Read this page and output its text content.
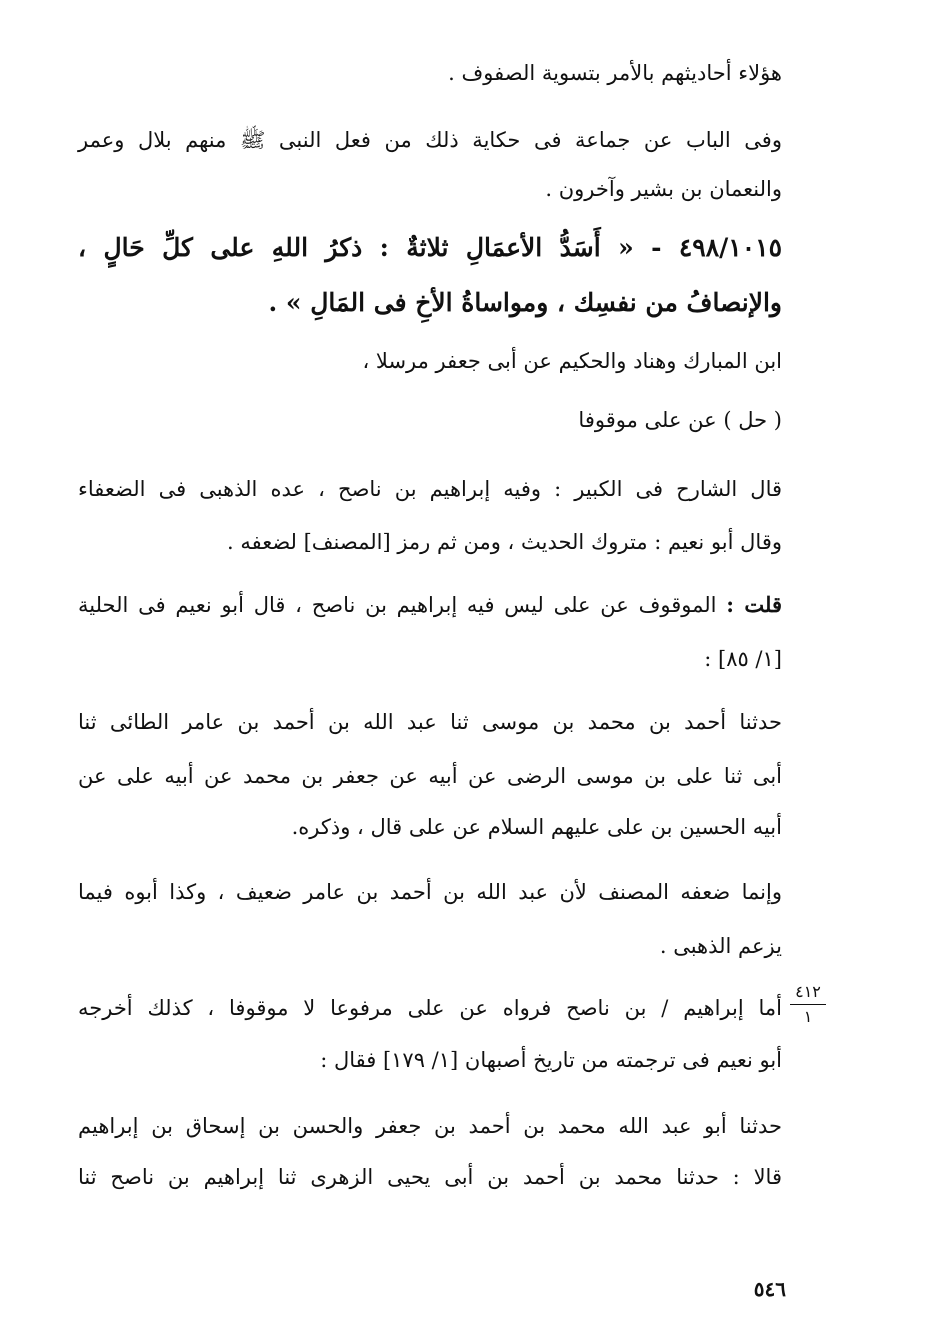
هؤلاء أحاديثهم بالأمر بتسوية الصفوف .
وفى الباب عن جماعة فى حكاية ذلك من فعل النبى ﷺ منهم بلال وعمر
والنعمان بن بشير وآخرون .
٤٩٨/١٠١٥ - « أَسَدُّ الأعمَالِ ثلاثةٌ : ذكرُ اللهِ على كلِّ حَالٍ ،
والإنصافُ من نفسِك ، ومواساةُ الأخِ فى المَالِ » .
ابن المبارك وهناد والحكيم عن أبى جعفر مرسلا ،
( حل ) عن على موقوفا
قال الشارح فى الكبير : وفيه إبراهيم بن ناصح ، عده الذهبى فى الضعفاء
وقال أبو نعيم : متروك الحديث ، ومن ثم رمز [المصنف] لضعفه .
قلت : الموقوف عن على ليس فيه إبراهيم بن ناصح ، قال أبو نعيم فى الحلية
[١/ ٨٥] :
حدثنا أحمد بن محمد بن موسى ثنا عبد الله بن أحمد بن عامر الطائى ثنا
أبى ثنا على بن موسى الرضى عن أبيه عن جعفر بن محمد عن أبيه على عن
أبيه الحسين بن على عليهم السلام عن على قال ، وذكره.
وإنما ضعفه المصنف لأن عبد الله بن أحمد بن عامر ضعيف ، وكذا أبوه فيما
يزعم الذهبى .
أما إبراهيم / بن ناصح فرواه عن على مرفوعا لا موقوفا ، كذلك أخرجه
أبو نعيم فى ترجمته من تاريخ أصبهان [١/ ١٧٩] فقال :
حدثنا أبو عبد الله محمد بن أحمد بن جعفر والحسن بن إسحاق بن إبراهيم
قالا : حدثنا محمد بن أحمد بن أبى يحيى الزهرى ثنا إبراهيم بن ناصح ثنا
٤١٢
١
٥٤٦
